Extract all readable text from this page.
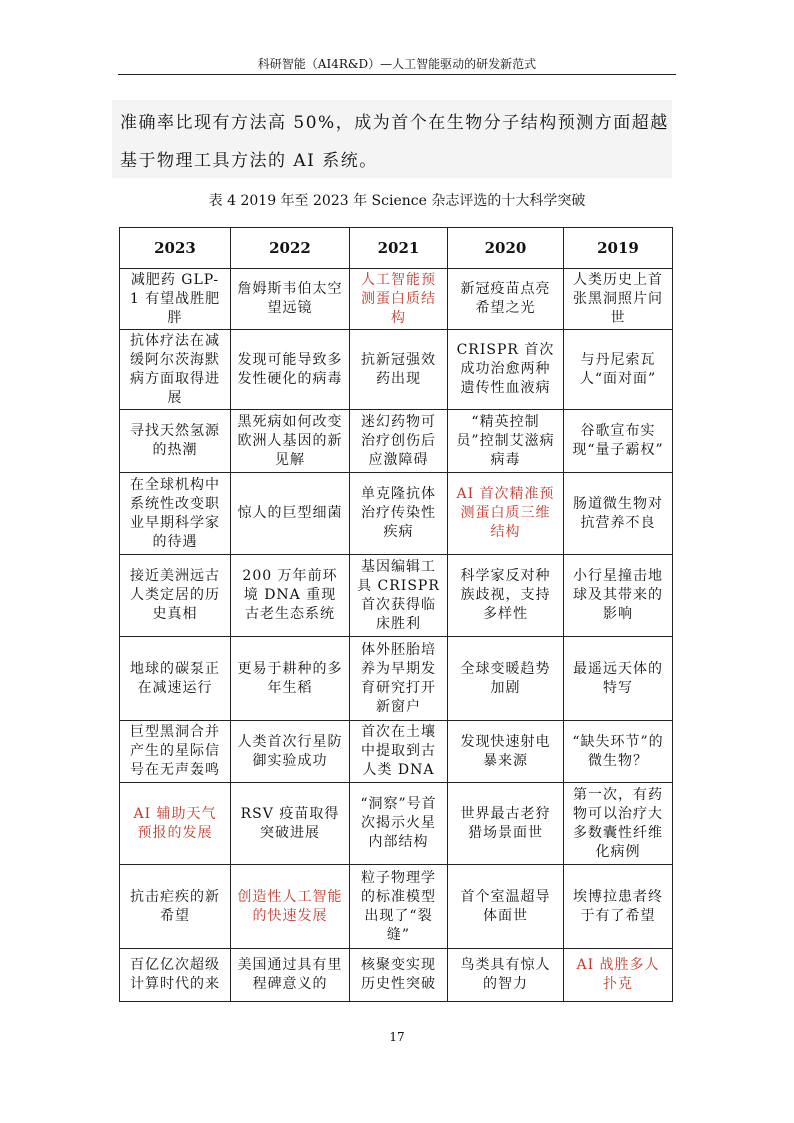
科研智能（AI4R&D）—人工智能驱动的研发新范式
准确率比现有方法高 50%，成为首个在生物分子结构预测方面超越
基于物理工具方法的 AI 系统。
表 4 2019 年至 2023 年 Science 杂志评选的十大科学突破
2023	2022	2021	2020	2019
减肥药 GLP-1 有望战胜肥胖	詹姆斯韦伯太空望远镜	人工智能预测蛋白质结构	新冠疫苗点亮希望之光	人类历史上首张黑洞照片问世
抗体疗法在减缓阿尔茨海默病方面取得进展	发现可能导致多发性硬化的病毒	抗新冠强效药出现	CRISPR 首次成功治愈两种遗传性血液病	与丹尼索瓦人“面对面”
寻找天然氢源的热潮	黑死病如何改变欧洲人基因的新见解	迷幻药物可治疗创伤后应激障碍	“精英控制员”控制艾滋病病毒	谷歌宣布实现“量子霸权”
在全球机构中系统性改变职业早期科学家的待遇	惊人的巨型细菌	单克隆抗体治疗传染性疾病	AI 首次精准预测蛋白质三维结构	肠道微生物对抗营养不良
接近美洲远古人类定居的历史真相	200 万年前环境 DNA 重现古老生态系统	基因编辑工具 CRISPR 首次获得临床胜利	科学家反对种族歧视，支持多样性	小行星撞击地球及其带来的影响
地球的碳泵正在减速运行	更易于耕种的多年生稻	体外胚胎培养为早期发育研究打开新窗户	全球变暖趋势加剧	最遥远天体的特写
巨型黑洞合并产生的星际信号在无声轰鸣	人类首次行星防御实验成功	首次在土壤中提取到古人类 DNA	发现快速射电暴来源	“缺失环节”的微生物？
AI 辅助天气预报的发展	RSV 疫苗取得突破进展	“洞察”号首次揭示火星内部结构	世界最古老狩猎场景面世	第一次，有药物可以治疗大多数囊性纤维化病例
抗击疟疾的新希望	创造性人工智能的快速发展	粒子物理学的标准模型出现了“裂缝”	首个室温超导体面世	埃博拉患者终于有了希望
百亿亿次超级计算时代的来	美国通过具有里程碑意义的	核聚变实现历史性突破	鸟类具有惊人的智力	AI 战胜多人扑克
17
